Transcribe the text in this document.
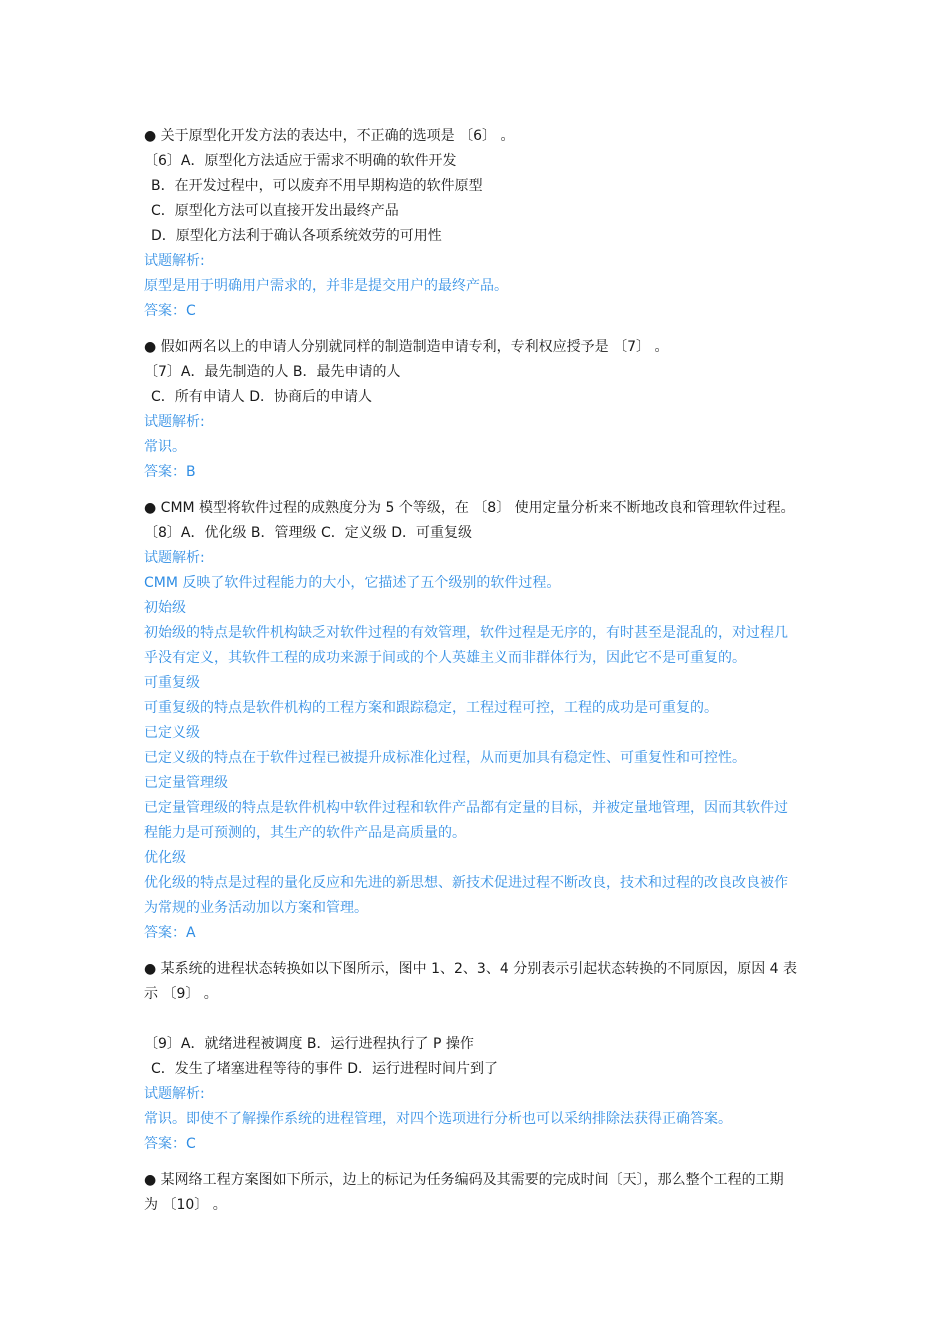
● 关于原型化开发方法的表达中，不正确的选项是 〔6〕 。
〔6〕A．原型化方法适应于需求不明确的软件开发
B．在开发过程中，可以废弃不用早期构造的软件原型
C．原型化方法可以直接开发出最终产品
D．原型化方法利于确认各项系统效劳的可用性
试题解析:
原型是用于明确用户需求的，并非是提交用户的最终产品。
答案：C
● 假如两名以上的申请人分别就同样的制造制造申请专利，专利权应授予是 〔7〕 。
〔7〕A．最先制造的人 B．最先申请的人
C．所有申请人 D．协商后的申请人
试题解析:
常识。
答案：B
● CMM 模型将软件过程的成熟度分为 5 个等级，在 〔8〕 使用定量分析来不断地改良和管理软件过程。
〔8〕A．优化级 B．管理级 C．定义级 D．可重复级
试题解析:
CMM 反映了软件过程能力的大小，它描述了五个级别的软件过程。
初始级
初始级的特点是软件机构缺乏对软件过程的有效管理，软件过程是无序的，有时甚至是混乱的，对过程几
乎没有定义，其软件工程的成功来源于间或的个人英雄主义而非群体行为，因此它不是可重复的。
可重复级
可重复级的特点是软件机构的工程方案和跟踪稳定，工程过程可控，工程的成功是可重复的。
已定义级
已定义级的特点在于软件过程已被提升成标准化过程，从而更加具有稳定性、可重复性和可控性。
已定量管理级
已定量管理级的特点是软件机构中软件过程和软件产品都有定量的目标，并被定量地管理，因而其软件过
程能力是可预测的，其生产的软件产品是高质量的。
优化级
优化级的特点是过程的量化反应和先进的新思想、新技术促进过程不断改良，技术和过程的改良改良被作
为常规的业务活动加以方案和管理。
答案：A
● 某系统的进程状态转换如以下图所示，图中 1、2、3、4 分别表示引起状态转换的不同原因，原因 4 表
示 〔9〕 。
〔9〕A．就绪进程被调度 B．运行进程执行了 P 操作
C．发生了堵塞进程等待的事件 D．运行进程时间片到了
试题解析:
常识。即使不了解操作系统的进程管理，对四个选项进行分析也可以采纳排除法获得正确答案。
答案：C
● 某网络工程方案图如下所示，边上的标记为任务编码及其需要的完成时间〔天〕，那么整个工程的工期
为 〔10〕 。
